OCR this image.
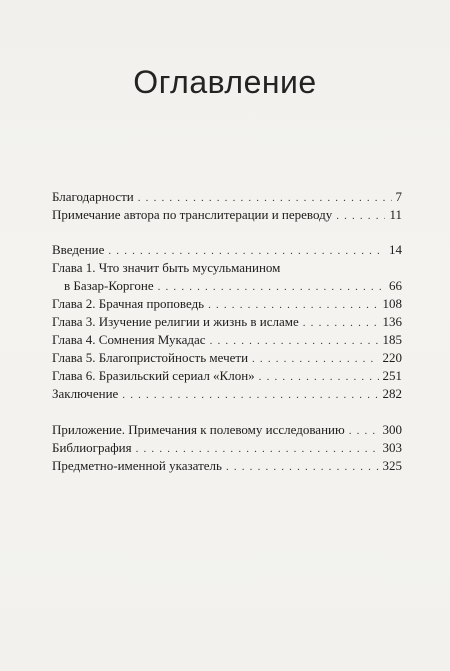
Оглавление
Благодарности . . .	7
Примечание автора по транслитерации и переводу . . .	11
Введение . . .	14
Глава 1. Что значит быть мусульманином
в Базар-Коргоне . . .	66
Глава 2. Брачная проповедь . . .	108
Глава 3. Изучение религии и жизнь в исламе . . .	136
Глава 4. Сомнения Мукадас . . .	185
Глава 5. Благопристойность мечети . . .	220
Глава 6. Бразильский сериал «Клон» . . .	251
Заключение . . .	282
Приложение. Примечания к полевому исследованию . . .	300
Библиография . . .	303
Предметно-именной указатель . . .	325
